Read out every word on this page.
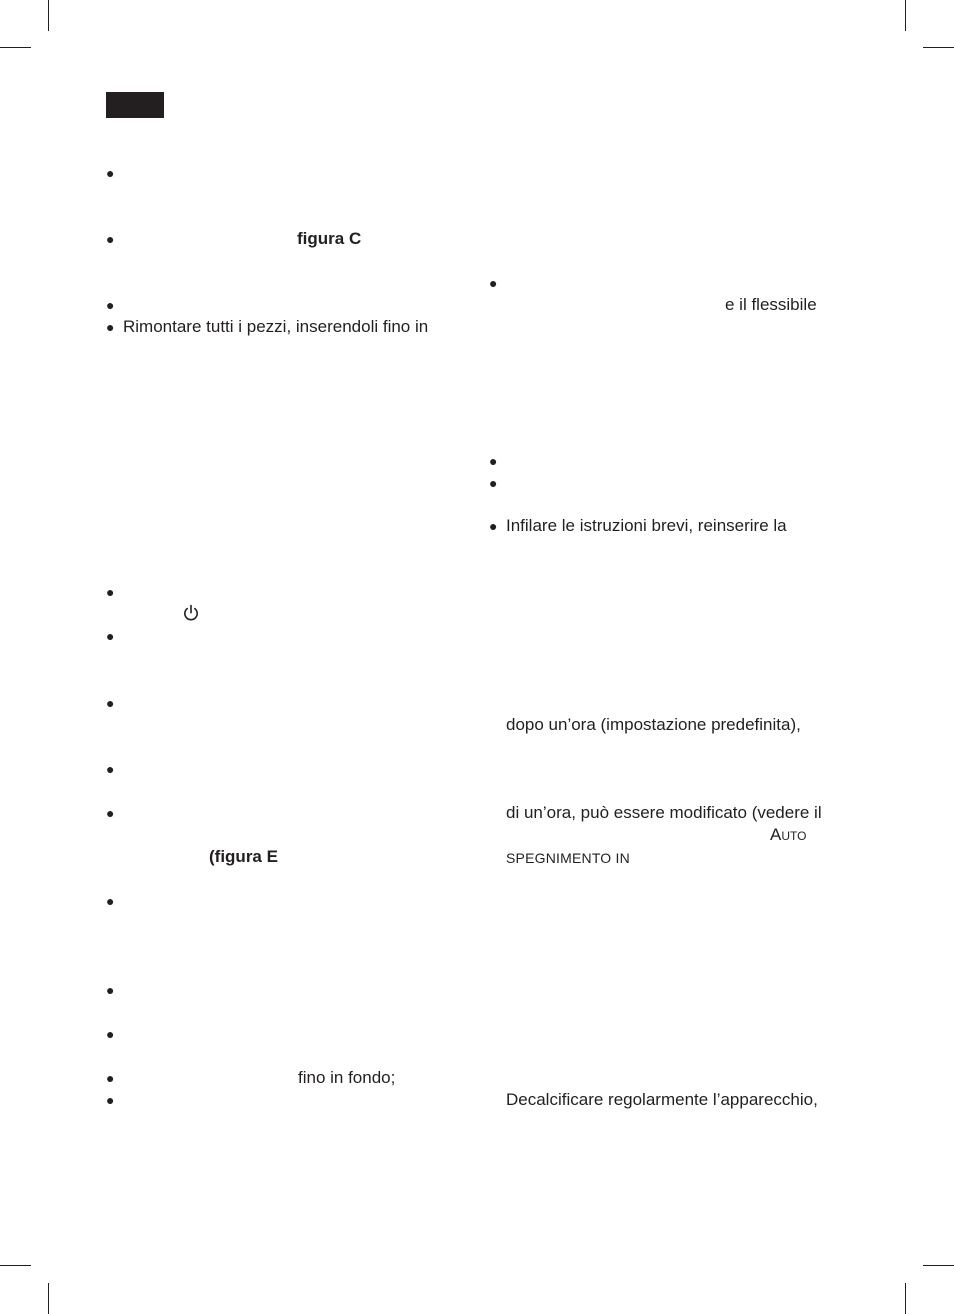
●
●	figura C
●
● Rimontare tutti i pezzi, inserendoli fino in
●
●
●
●
●
(figura E
●
●
●
●	fino in fondo;
●
●
e il flessibile
●
●
● Infilare le istruzioni brevi, reinserire la
dopo un’ora (impostazione predefinita),
di un’ora, può essere modificato (vedere il
Auto
SPEGNIMENTO IN
Decalcificare regolarmente l’apparecchio,
